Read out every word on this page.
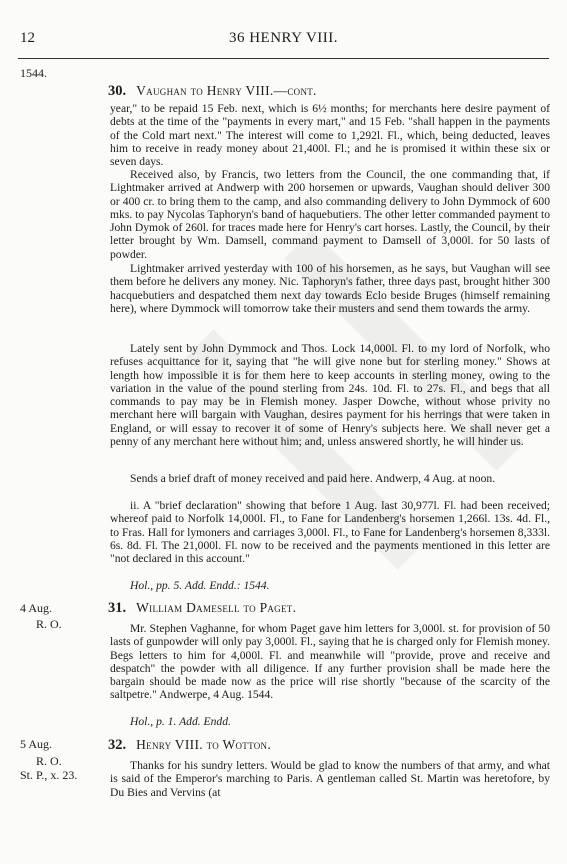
12	36 HENRY VIII.
1544.
30. Vaughan to Henry VIII.—cont.

year," to be repaid 15 Feb. next, which is 6½ months; for merchants here desire payment of debts at the time of the "payments in every mart," and 15 Feb. "shall happen in the payments of the Cold mart next." The interest will come to 1,292l. Fl., which, being deducted, leaves him to receive in ready money about 21,400l. Fl.; and he is promised it within these six or seven days.

Received also, by Francis, two letters from the Council, the one commanding that, if Lightmaker arrived at Andwerp with 200 horsemen or upwards, Vaughan should deliver 300 or 400 cr. to bring them to the camp, and also commanding delivery to John Dymmock of 600 mks. to pay Nycolas Taphoryn's band of haquebutiers. The other letter commanded payment to John Dymok of 260l. for traces made here for Henry's cart horses. Lastly, the Council, by their letter brought by Wm. Damsell, command payment to Damsell of 3,000l. for 50 lasts of powder.

Lightmaker arrived yesterday with 100 of his horsemen, as he says, but Vaughan will see them before he delivers any money. Nic. Taphoryn's father, three days past, brought hither 300 hacquebutiers and despatched them next day towards Eclo beside Bruges (himself remaining here), where Dymmock will tomorrow take their musters and send them towards the army.

Lately sent by John Dymmock and Thos. Lock 14,000l. Fl. to my lord of Norfolk, who refuses acquittance for it, saying that "he will give none but for sterling money." Shows at length how impossible it is for them here to keep accounts in sterling money, owing to the variation in the value of the pound sterling from 24s. 10d. Fl. to 27s. Fl., and begs that all commands to pay may be in Flemish money. Jasper Dowche, without whose privity no merchant here will bargain with Vaughan, desires payment for his herrings that were taken in England, or will essay to recover it of some of Henry's subjects here. We shall never get a penny of any merchant here without him; and, unless answered shortly, he will hinder us.

Sends a brief draft of money received and paid here. Andwerp, 4 Aug. at noon.

ii. A "brief declaration" showing that before 1 Aug. last 30,977l. Fl. had been received; whereof paid to Norfolk 14,000l. Fl., to Fane for Landenberg's horsemen 1,266l. 13s. 4d. Fl., to Fras. Hall for lymoners and carriages 3,000l. Fl., to Fane for Landenberg's horsemen 8,333l. 6s. 8d. Fl. The 21,000l. Fl. now to be received and the payments mentioned in this letter are "not declared in this account."

Hol., pp. 5. Add. Endd.: 1544.

4 Aug.
R. O.
31. William Damesell to Paget.

Mr. Stephen Vaghanne, for whom Paget gave him letters for 3,000l. st. for provision of 50 lasts of gunpowder will only pay 3,000l. Fl., saying that he is charged only for Flemish money. Begs letters to him for 4,000l. Fl. and meanwhile will "provide, prove and receive and despatch" the powder with all diligence. If any further provision shall be made here the bargain should be made now as the price will rise shortly "because of the scarcity of the saltpetre." Andwerpe, 4 Aug. 1544.

Hol., p. 1. Add. Endd.

5 Aug.
R. O.
St. P., x. 23.
32. Henry VIII. to Wotton.

Thanks for his sundry letters. Would be glad to know the numbers of that army, and what is said of the Emperor's marching to Paris. A gentleman called St. Martin was heretofore, by Du Bies and Vervins (at
